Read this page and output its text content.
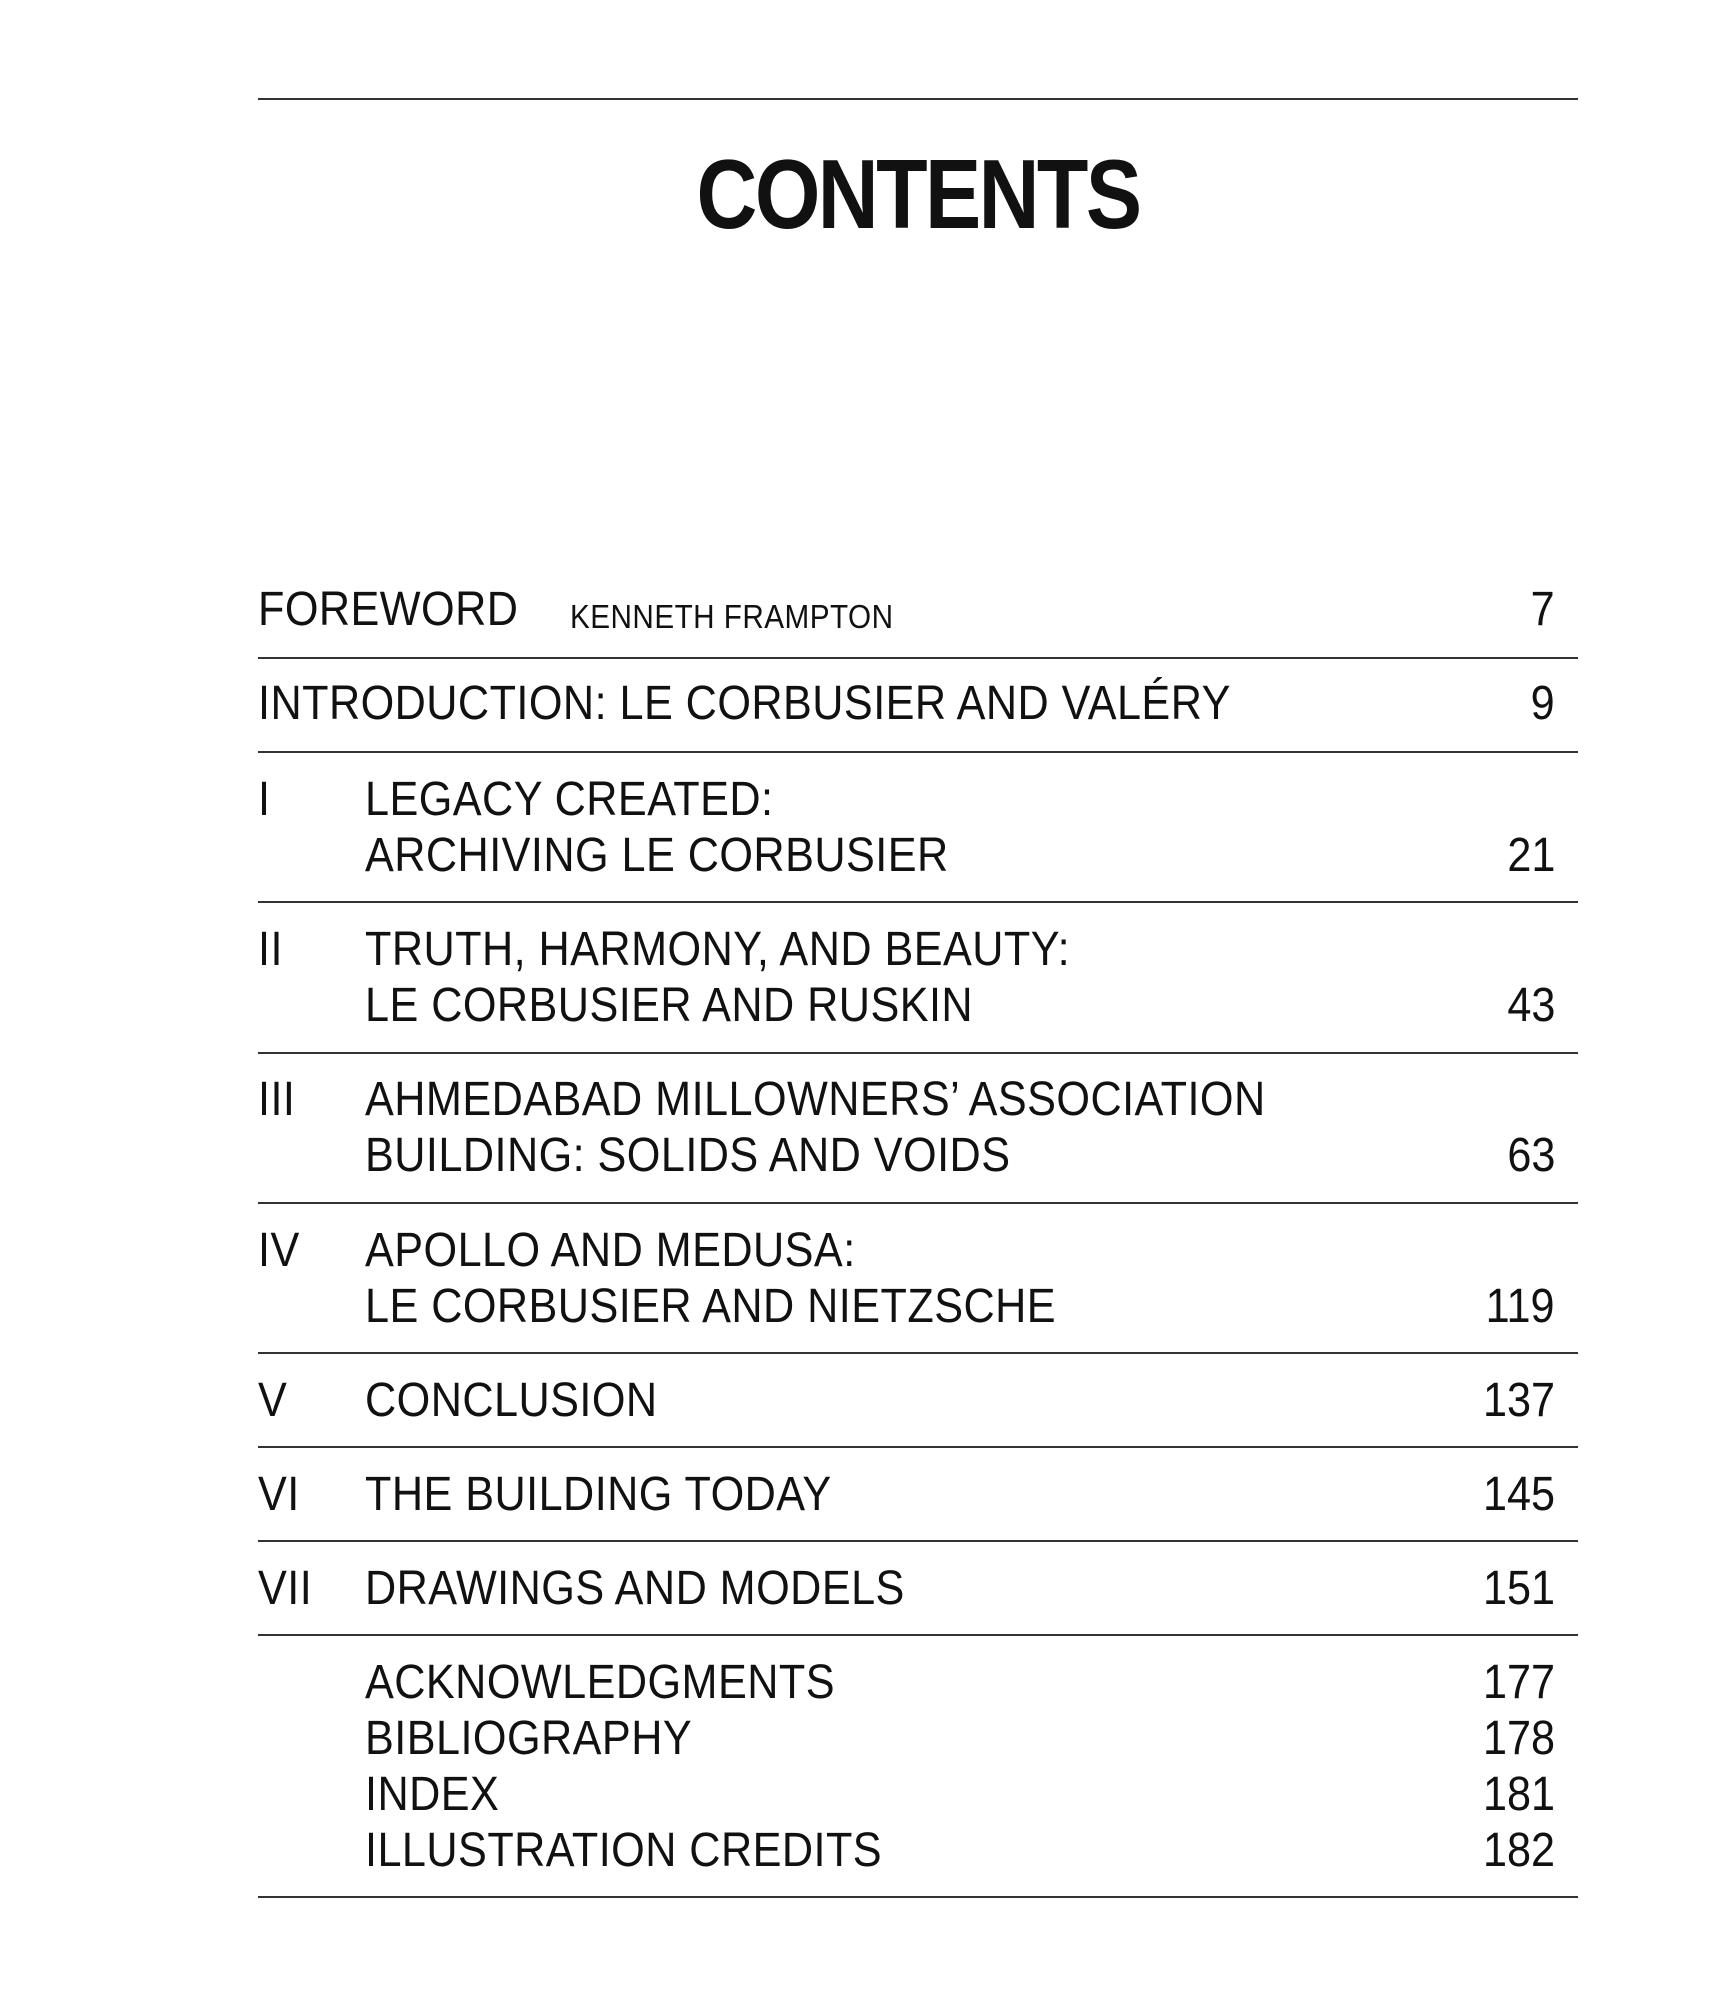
CONTENTS
FOREWORD KENNETH FRAMPTON	7
INTRODUCTION: LE CORBUSIER AND VALÉRY	9
I LEGACY CREATED:
ARCHIVING LE CORBUSIER	21
II TRUTH, HARMONY, AND BEAUTY:
LE CORBUSIER AND RUSKIN	43
III AHMEDABAD MILLOWNERS’ ASSOCIATION
BUILDING: SOLIDS AND VOIDS	63
IV APOLLO AND MEDUSA:
LE CORBUSIER AND NIETZSCHE	119
V CONCLUSION	137
VI THE BUILDING TODAY	145
VII DRAWINGS AND MODELS	151
ACKNOWLEDGMENTS	177
BIBLIOGRAPHY	178
INDEX	181
ILLUSTRATION CREDITS	182
